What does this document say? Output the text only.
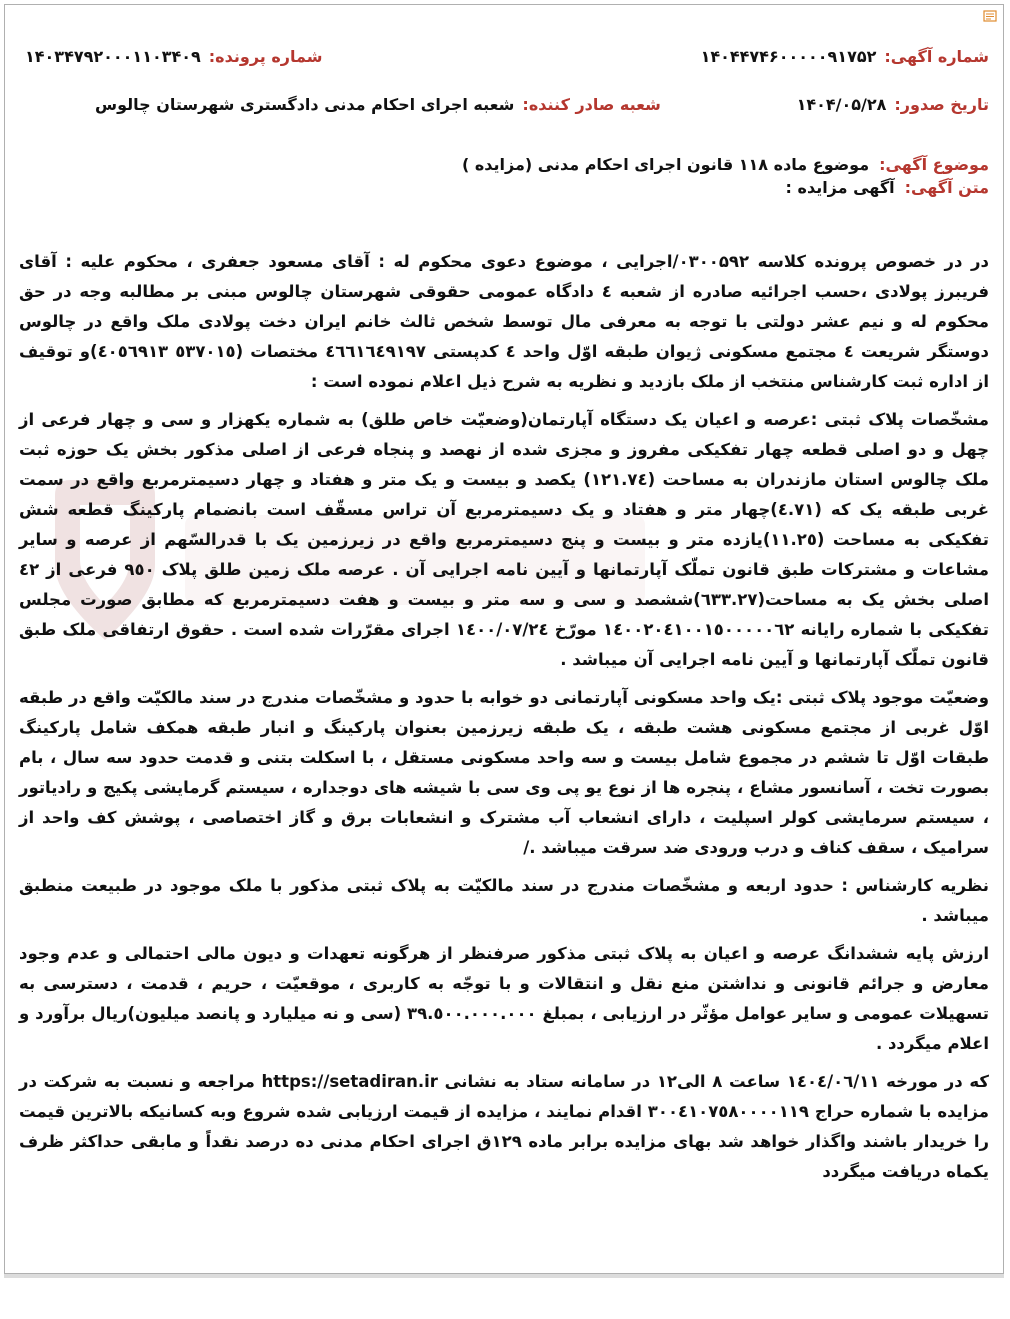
شماره آگهی:
۱۴۰۴۴۷۴۶۰۰۰۰۰۹۱۷۵۲
شماره پرونده:
۱۴۰۳۴۷۹۲۰۰۰۱۱۰۳۴۰۹
تاریخ صدور:
۱۴۰۴/۰۵/۲۸
شعبه صادر کننده:
شعبه اجرای احکام مدنی دادگستری شهرستان چالوس
موضوع آگهی:
موضوع ماده ۱۱۸ قانون اجرای احکام مدنی (مزایده )
متن آگهی:
آگهی مزایده :

در در خصوص پرونده کلاسه ۰۳۰۰۵۹۲/اجرایی ، موضوع دعوی محکوم له : آقای مسعود جعفری ، محکوم علیه : آقای فریبرز پولادی ،حسب اجرائیه صادره از شعبه ٤ دادگاه عمومی حقوقی شهرستان چالوس مبنی بر مطالبه وجه در حق محکوم له و نیم عشر دولتی با توجه به معرفی مال توسط شخص ثالث خانم ایران دخت پولادی ملک واقع در چالوس دوستگر شریعت ٤ مجتمع مسکونی ژیوان طبقه اوّل واحد ٤ کدپستی ٤٦٦١٦٤٩١٩٧ مختصات (٥٣٧٠١٥ ٤٠٥٦٩١٣)و توقیف از اداره ثبت کارشناس منتخب از ملک بازدید و نظریه به شرح ذیل اعلام نموده است :

مشخّصات پلاک ثبتی :عرصه و اعیان یک دستگاه آپارتمان(وضعیّت خاص طلق) به شماره یکهزار و سی و چهار فرعی از چهل و دو اصلی قطعه چهار تفکیکی مفروز و مجزی شده از نهصد و پنجاه فرعی از اصلی مذکور بخش یک حوزه ثبت ملک چالوس استان مازندران به مساحت (١٢١.٧٤) یکصد و بیست و یک متر و هفتاد و چهار دسیمترمربع واقع در سمت غربی طبقه یک که (٤.٧١)چهار متر و هفتاد و یک دسیمترمربع آن تراس مسقّف است بانضمام پارکینگ قطعه شش تفکیکی به مساحت (١١.٢٥)یازده متر و بیست و پنج دسیمترمربع واقع در زیرزمین یک با قدرالسّهم از عرصه و سایر مشاعات و مشترکات طبق قانون تملّک آپارتمانها و آیین نامه اجرایی آن . عرصه ملک زمین طلق پلاک ٩٥٠ فرعی از ٤٢ اصلی بخش یک به مساحت(٦٣٣.٢٧)ششصد و سی و سه متر و بیست و هفت دسیمترمربع که مطابق صورت مجلس تفکیکی با شماره رایانه ١٤٠٠٢٠٤١٠٠١٥٠٠٠٠٠٦٢ مورّخ ١٤٠٠/٠٧/٢٤ اجرای مقرّرات شده است . حقوق ارتفاقی ملک طبق قانون تملّک آپارتمانها و آیین نامه اجرایی آن میباشد .

وضعیّت موجود پلاک ثبتی :یک واحد مسکونی آپارتمانی دو خوابه با حدود و مشخّصات مندرج در سند مالکیّت واقع در طبقه اوّل غربی از مجتمع مسکونی هشت طبقه ، یک طبقه زیرزمین بعنوان پارکینگ و انبار طبقه همکف شامل پارکینگ طبقات اوّل تا ششم در مجموع شامل بیست و سه واحد مسکونی مستقل ، با اسکلت بتنی و قدمت حدود سه سال ، بام بصورت تخت ، آسانسور مشاع ، پنجره ها از نوع یو پی وی سی با شیشه های دوجداره ، سیستم گرمایشی پکیج و رادیاتور ، سیستم سرمایشی کولر اسپلیت ، دارای انشعاب آب مشترک و انشعابات برق و گاز اختصاصی ، پوشش کف واحد از سرامیک ، سقف کناف و درب ورودی ضد سرقت میباشد ./

نظریه کارشناس : حدود اربعه و مشخّصات مندرج در سند مالکیّت به پلاک ثبتی مذکور با ملک موجود در طبیعت منطبق میباشد .

ارزش پایه ششدانگ عرصه و اعیان به پلاک ثبتی مذکور صرفنظر از هرگونه تعهدات و دیون مالی احتمالی و عدم وجود معارض و جرائم قانونی و نداشتن منع نقل و انتقالات و با توجّه به کاربری ، موقعیّت ، حریم ، قدمت ، دسترسی به تسهیلات عمومی و سایر عوامل مؤثّر در ارزیابی ، بمبلغ ٣٩.٥٠٠.٠٠٠.٠٠٠ (سی و نه میلیارد و پانصد میلیون)ریال برآورد و اعلام میگردد .

که در مورخه ١٤٠٤/٠٦/١١ ساعت ٨ الی١٢ در سامانه ستاد به نشانی https://setadiran.ir مراجعه و نسبت به شرکت در مزایده با شماره حراج ٣٠٠٤١٠٧٥٨٠٠٠٠١١٩ اقدام نمایند ، مزایده از قیمت ارزیابی شده شروع وبه کسانیکه بالاترین قیمت را خریدار باشند واگذار خواهد شد بهای مزایده برابر ماده ١٢٩ق اجرای احکام مدنی ده درصد نقداً و مابقی حداکثر ظرف یکماه دریافت میگردد
